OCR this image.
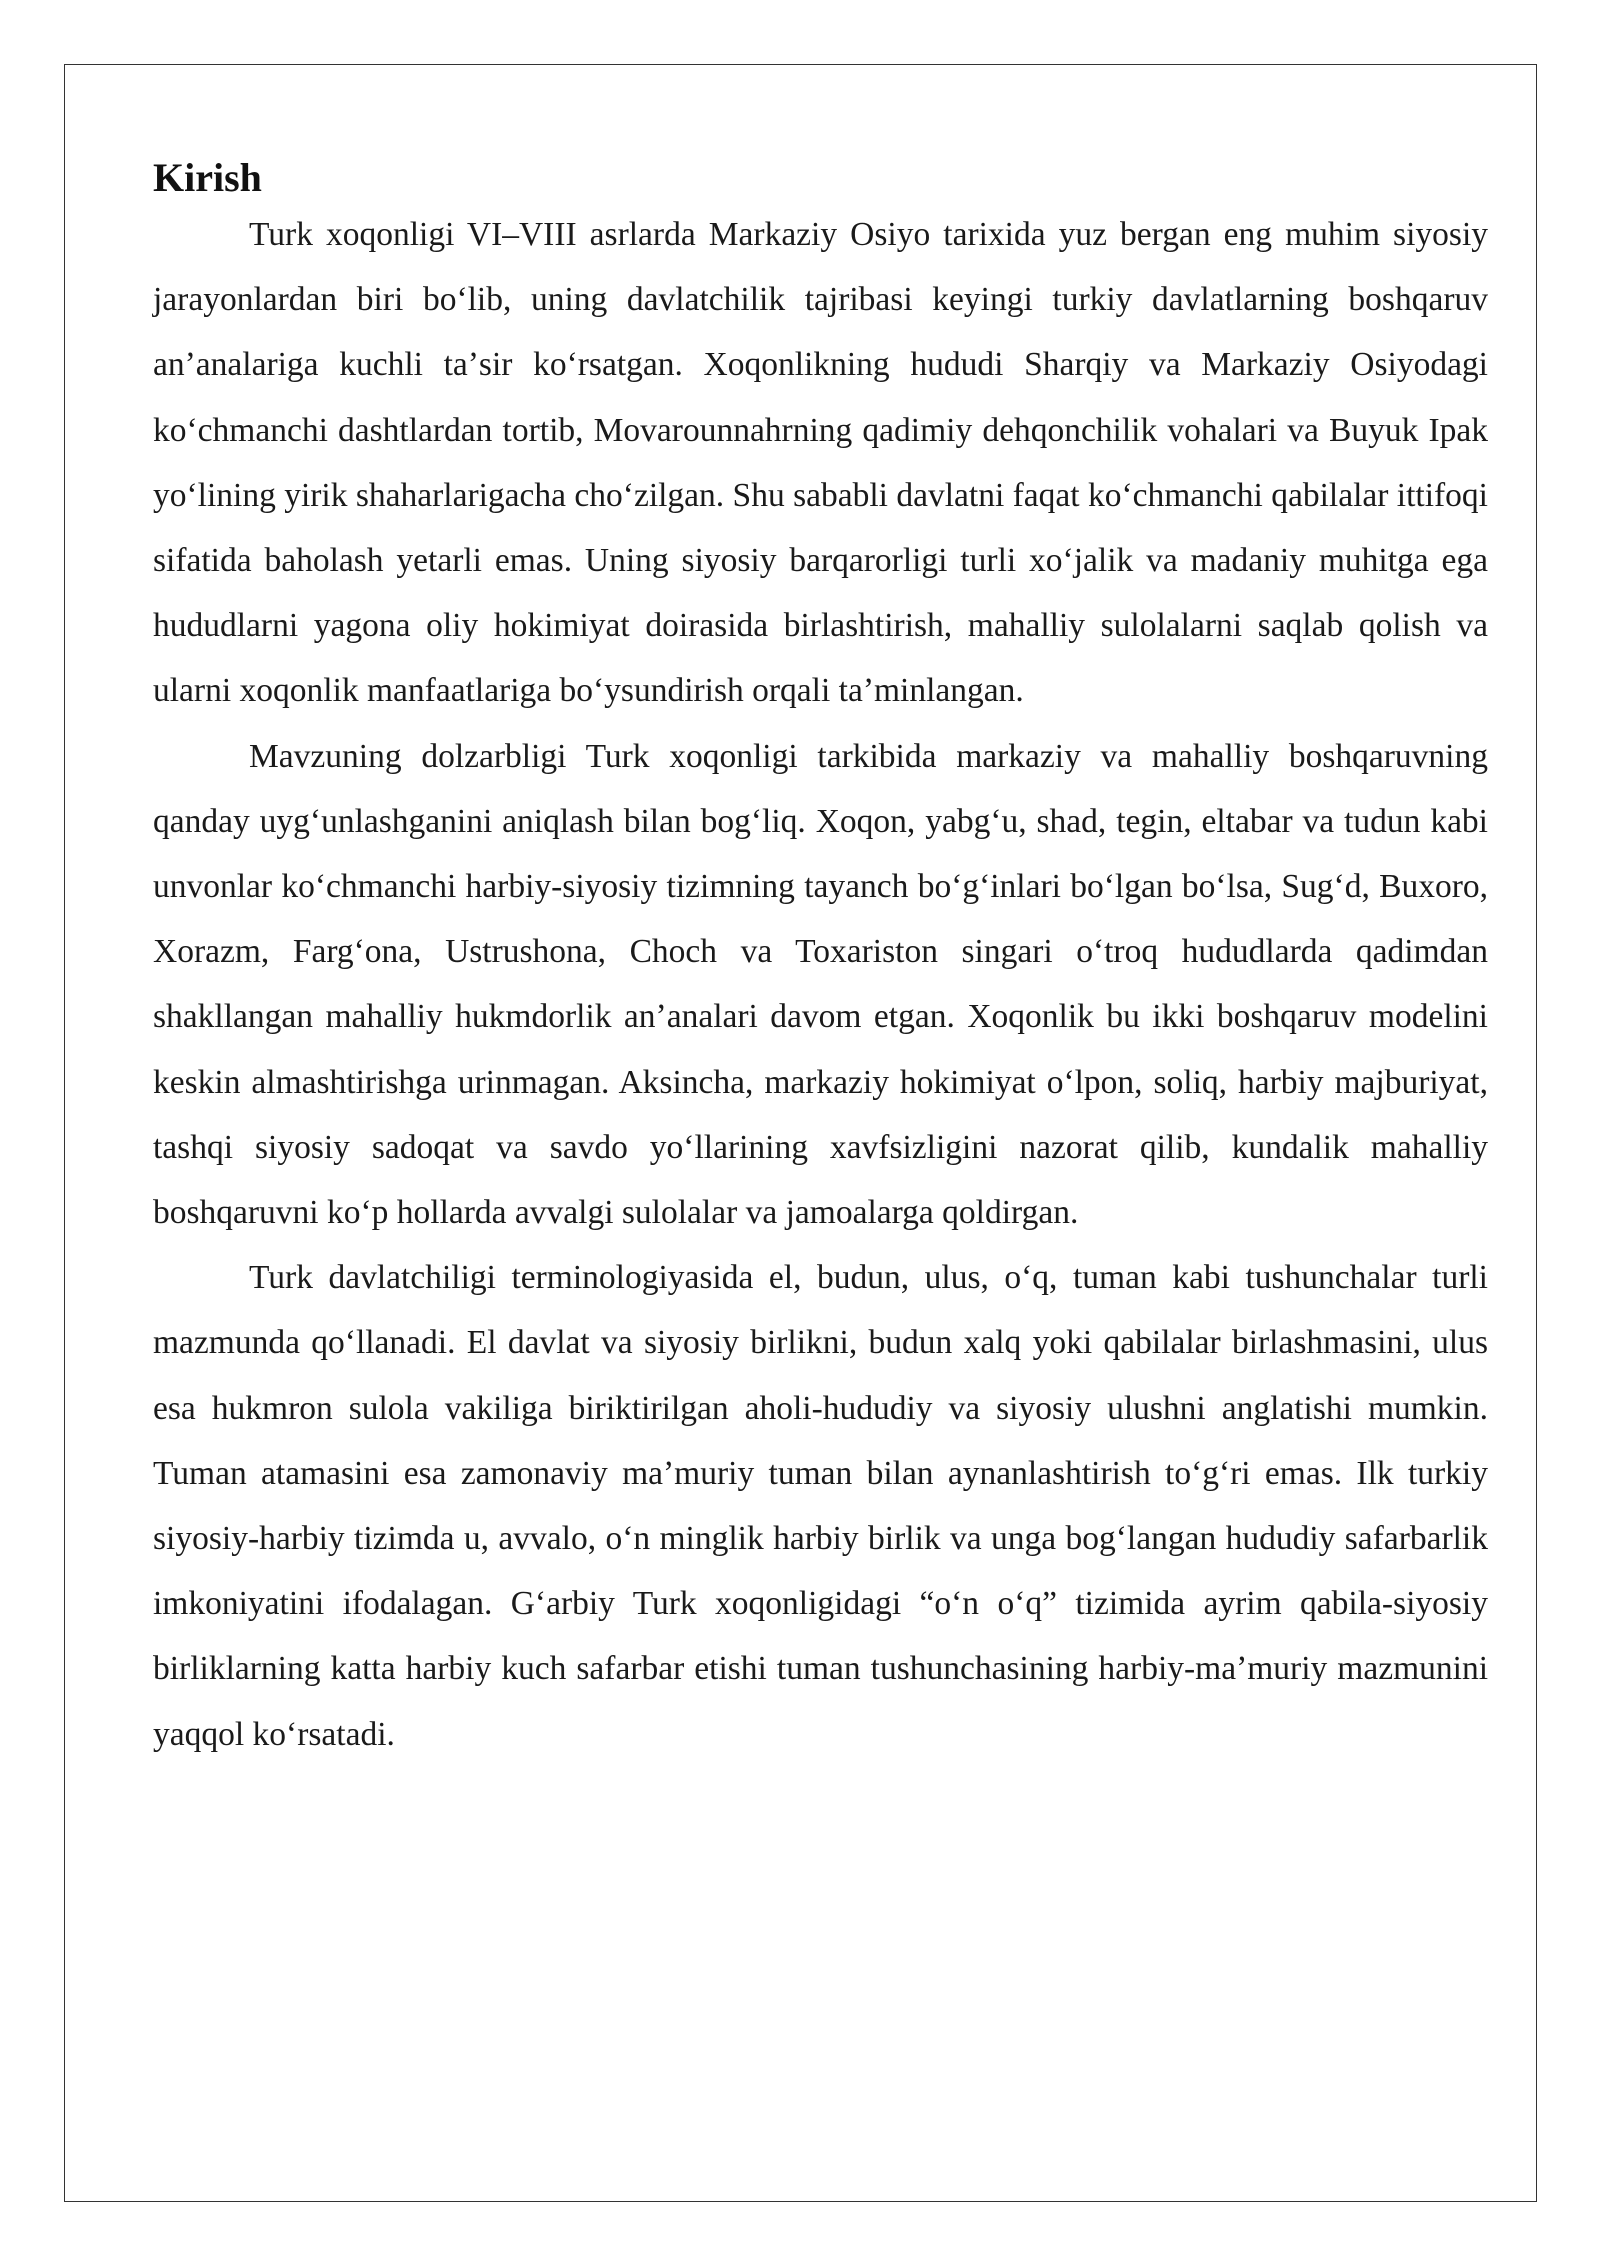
Kirish

Turk xoqonligi VI–VIII asrlarda Markaziy Osiyo tarixida yuz bergan eng muhim siyosiy jarayonlardan biri boʻlib, uning davlatchilik tajribasi keyingi turkiy davlatlarning boshqaruv anʼanalariga kuchli taʼsir koʻrsatgan. Xoqonlikning hududi Sharqiy va Markaziy Osiyodagi koʻchmanchi dashtlardan tortib, Movarounnahrning qadimiy dehqonchilik vohalari va Buyuk Ipak yoʻlining yirik shaharlarigacha choʻzilgan. Shu sababli davlatni faqat koʻchmanchi qabilalar ittifoqi sifatida baholash yetarli emas. Uning siyosiy barqarorligi turli xoʻjalik va madaniy muhitga ega hududlarni yagona oliy hokimiyat doirasida birlashtirish, mahalliy sulolalarni saqlab qolish va ularni xoqonlik manfaatlariga boʻysundirish orqali taʼminlangan.

Mavzuning dolzarbligi Turk xoqonligi tarkibida markaziy va mahalliy boshqaruvning qanday uygʻunlashganini aniqlash bilan bogʻliq. Xoqon, yabgʻu, shad, tegin, eltabar va tudun kabi unvonlar koʻchmanchi harbiy-siyosiy tizimning tayanch boʻgʻinlari boʻlgan boʻlsa, Sugʻd, Buxoro, Xorazm, Fargʻona, Ustrushona, Choch va Toxariston singari oʻtroq hududlarda qadimdan shakllangan mahalliy hukmdorlik anʼanalari davom etgan. Xoqonlik bu ikki boshqaruv modelini keskin almashtirishga urinmagan. Aksincha, markaziy hokimiyat oʻlpon, soliq, harbiy majburiyat, tashqi siyosiy sadoqat va savdo yoʻllarining xavfsizligini nazorat qilib, kundalik mahalliy boshqaruvni koʻp hollarda avvalgi sulolalar va jamoalarga qoldirgan.

Turk davlatchiligi terminologiyasida el, budun, ulus, oʻq, tuman kabi tushunchalar turli mazmunda qoʻllanadi. El davlat va siyosiy birlikni, budun xalq yoki qabilalar birlashmasini, ulus esa hukmron sulola vakiliga biriktirilgan aholi-hududiy va siyosiy ulushni anglatishi mumkin. Tuman atamasini esa zamonaviy maʼmuriy tuman bilan aynanlashtirish toʻgʻri emas. Ilk turkiy siyosiy-harbiy tizimda u, avvalo, oʻn minglik harbiy birlik va unga bogʻlangan hududiy safarbarlik imkoniyatini ifodalagan. Gʻarbiy Turk xoqonligidagi “oʻn oʻq” tizimida ayrim qabila-siyosiy birliklarning katta harbiy kuch safarbar etishi tuman tushunchasining harbiy-maʼmuriy mazmunini yaqqol koʻrsatadi.
